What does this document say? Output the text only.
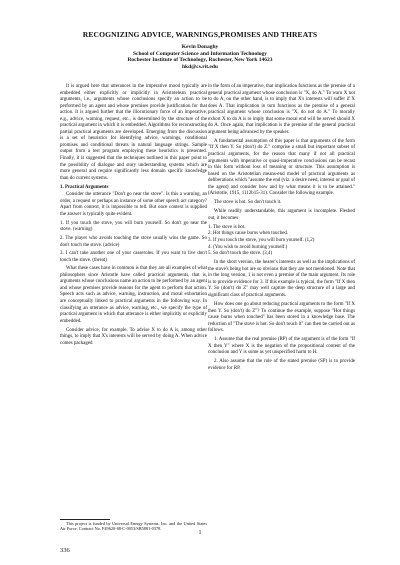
RECOGNIZING ADVICE, WARNINGS,PROMISES AND THREATS
Kevin Donaghy
School of Computer Science and Information Technology
Rochester Institute of Technology, Rochester, New York 14623
hkd@cs.rit.edu

It is argued here that utterances in the imperative mood typically are embedded either explicitly or implicitly in Aristotelean practical arguments, i.e., arguments whose conclusions specify an action to be performed by an agent and whose premises provide justification for that action. It is argued further that the illocutionary force of an imperative, e.g., advice, warning, request, etc., is determined by the structure of the practical argument in which it is embedded. Algorithms for reconstructing partial practical arguments are developed. Emerging from the discussion is a set of heuristics for identifying advice, warnings, conditional promises and conditional threats in natural language strings. Sample output from a test program employing these heuristics is presented. Finally, it is suggested that the techniques outlined in this paper point to the possibility of dialogue and story understanding systems which are more general and require significantly less domain specific knowledge than do current systems.

1. Practical Arguments

Consider the utterance "Don't go near the stove". Is this a warning, an order, a request or perhaps an instance of some other speech act category? Apart from context, it is impossible to tell. But once context is supplied the answer is typically quite evident.

1. If you touch the stove, you will burn yourself. So don't go near the stove. (warning)

2. The player who avoids touching the stove usually wins the game. So don't touch the stove. (advice)

3. I can't take another one of your casseroles. If you want to live don't touch the stove. (threat)

What these cases have in common is that they are all examples of what philosophers since Aristotle have called practical arguments, that is, arguments whose conclusions name an action to be performed by an agent and whose premises provide reasons for the agent to perform that action. Speech acts such as advice, warning, instruction, and moral exhortation are conceptually linked to practical arguments in the following way. In classifying an utterance as advice, warning, etc., we specify the type of practical argument in which that utterance is either implicitly or explicitly embedded.

Consider advice, for example. To advise X to do A is, among other things, to imply that X's interests will be served by doing A. When advice comes packaged

This project is funded by Universal Energy Systems, Inc. and the United States Air Force, Contract No. F49620-88-C-0053/SB5881-0378.

in the form of an imperative, that implication functions as the premise of a general practical argument whose conclusion is "X, do A." To warn X not to do A, on the other hand, is to imply that X's interests will suffer if X does A. That implication in turn functions as the premise of a general practical argument whose conclusion is "X, do not do A." To morally exhort X to do A is to imply that some moral end will be served should X do A. Once again, that implication is the premise of the general practical argument being advanced by the speaker.

A fundamental assumption of this paper is that arguments of the form "If X then Y. So (don't) do Z." comprise a small but important subset of practical arguments, for the reason that many if not all practical arguments with imperative or quasi-imperative conclusions can be recast in this form without loss of meaning or structure. This assumption is based on the Aristotelian means-end model of practical arguments as deliberations which "assume the end (viz. a desire need, interest or goal of the agent) and consider how and by what means it is to be attained." (Aristotle, 1915, 1112b15-31). Consider the following example.

The stove is hot. So don't touch it.

While readily understandable, this argument is incomplete. Fleshed out, it becomes

1. The stove is hot.

2. Hot things cause burns when touched.

3. If you touch the stove, you will burn yourself. (1,2)

4. (You wish to avoid burning yourself.)

5. So don't touch the stove. (3,4)

In the short version, the hearer's interests as well as the implications of the stove's being hot are so obvious that they are not mentioned. Note that in the long version, 1 is not even a premise of the main argument. Its role is to provide evidence for 3. If this example is typical, the form "If X then Y. So (don't) do Z" may well capture the deep structure of a large and significant class of practical arguments.

How does one go about reducing practical arguments to the form "If X then Y. So (don't) do Z"? To continue the example, suppose "Hot things cause burns when touched" has been stored in a knowledge base. The reduction of "The stove is hot. So don't touch it" can then be carried out as follows.

1. Assume that the real premise (RP) of the argument is of the form "If X then Y" where X is the negation of the propositional content of the conclusion and Y is some as yet unspecified harm to H.

2. Also assume that the role of the stated premise (SP) is to provide evidence for RP.

1
336
